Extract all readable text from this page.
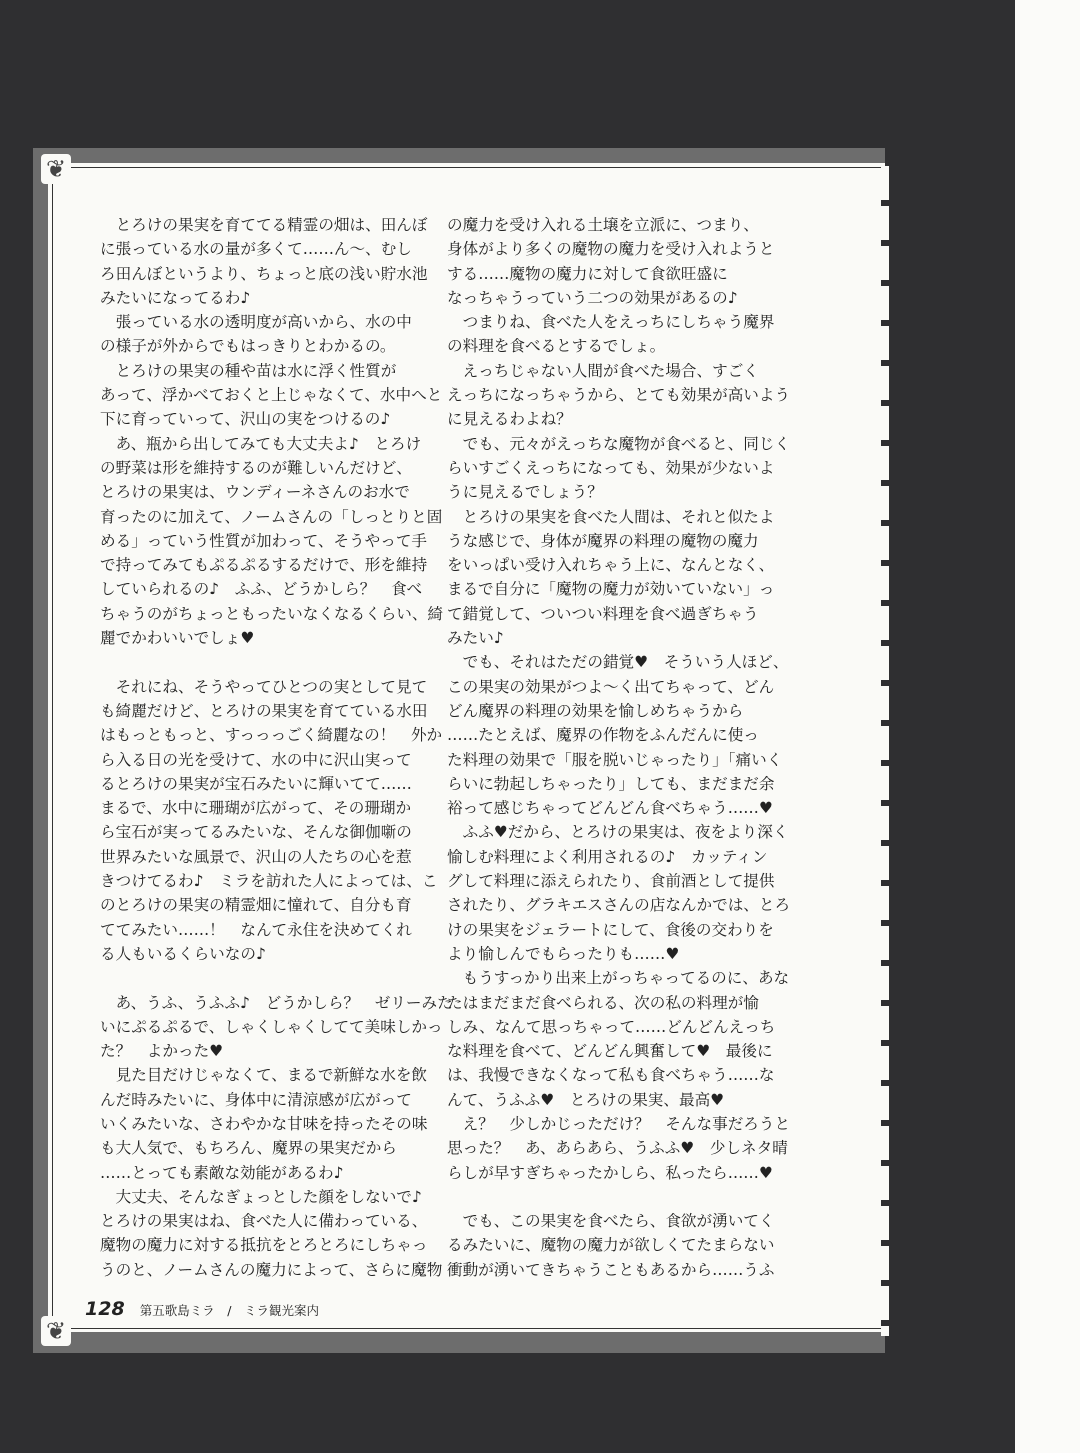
❦
❦
　とろけの果実を育ててる精霊の畑は、田んぼ
に張っている水の量が多くて……ん〜、むし
ろ田んぼというより、ちょっと底の浅い貯水池
みたいになってるわ♪
　張っている水の透明度が高いから、水の中
の様子が外からでもはっきりとわかるの。
　とろけの果実の種や苗は水に浮く性質が
あって、浮かべておくと上じゃなくて、水中へと
下に育っていって、沢山の実をつけるの♪
　あ、瓶から出してみても大丈夫よ♪　とろけ
の野菜は形を維持するのが難しいんだけど、
とろけの果実は、ウンディーネさんのお水で
育ったのに加えて、ノームさんの「しっとりと固
める」っていう性質が加わって、そうやって手
で持ってみてもぷるぷるするだけで、形を維持
していられるの♪　ふふ、どうかしら？　食べ
ちゃうのがちょっともったいなくなるくらい、綺
麗でかわいいでしょ♥
　それにね、そうやってひとつの実として見て
も綺麗だけど、とろけの果実を育てている水田
はもっともっと、すっっっごく綺麗なの！　外か
ら入る日の光を受けて、水の中に沢山実って
るとろけの果実が宝石みたいに輝いてて……
まるで、水中に珊瑚が広がって、その珊瑚か
ら宝石が実ってるみたいな、そんな御伽噺の
世界みたいな風景で、沢山の人たちの心を惹
きつけてるわ♪　ミラを訪れた人によっては、こ
のとろけの果実の精霊畑に憧れて、自分も育
ててみたい……！　なんて永住を決めてくれ
る人もいるくらいなの♪
　あ、うふ、うふふ♪　どうかしら？　ゼリーみた
いにぷるぷるで、しゃくしゃくしてて美味しかっ
た？　よかった♥
　見た目だけじゃなくて、まるで新鮮な水を飲
んだ時みたいに、身体中に清涼感が広がって
いくみたいな、さわやかな甘味を持ったその味
も大人気で、もちろん、魔界の果実だから
……とっても素敵な効能があるわ♪
　大丈夫、そんなぎょっとした顔をしないで♪
とろけの果実はね、食べた人に備わっている、
魔物の魔力に対する抵抗をとろとろにしちゃっ
うのと、ノームさんの魔力によって、さらに魔物
の魔力を受け入れる土壌を立派に、つまり、
身体がより多くの魔物の魔力を受け入れようと
する……魔物の魔力に対して食欲旺盛に
なっちゃうっていう二つの効果があるの♪
　つまりね、食べた人をえっちにしちゃう魔界
の料理を食べるとするでしょ。
　えっちじゃない人間が食べた場合、すごく
えっちになっちゃうから、とても効果が高いよう
に見えるわよね？
　でも、元々がえっちな魔物が食べると、同じく
らいすごくえっちになっても、効果が少ないよ
うに見えるでしょう？
　とろけの果実を食べた人間は、それと似たよ
うな感じで、身体が魔界の料理の魔物の魔力
をいっぱい受け入れちゃう上に、なんとなく、
まるで自分に「魔物の魔力が効いていない」っ
て錯覚して、ついつい料理を食べ過ぎちゃう
みたい♪
　でも、それはただの錯覚♥　そういう人ほど、
この果実の効果がつよ〜く出てちゃって、どん
どん魔界の料理の効果を愉しめちゃうから
……たとえば、魔界の作物をふんだんに使っ
た料理の効果で「服を脱いじゃったり」「痛いく
らいに勃起しちゃったり」しても、まだまだ余
裕って感じちゃってどんどん食べちゃう……♥
　ふふ♥だから、とろけの果実は、夜をより深く
愉しむ料理によく利用されるの♪　カッティン
グして料理に添えられたり、食前酒として提供
されたり、グラキエスさんの店なんかでは、とろ
けの果実をジェラートにして、食後の交わりを
より愉しんでもらったりも……♥
　もうすっかり出来上がっちゃってるのに、あな
たはまだまだ食べられる、次の私の料理が愉
しみ、なんて思っちゃって……どんどんえっち
な料理を食べて、どんどん興奮して♥　最後に
は、我慢できなくなって私も食べちゃう……な
んて、うふふ♥　とろけの果実、最高♥
　え？　少しかじっただけ？　そんな事だろうと
思った？　あ、あらあら、うふふ♥　少しネタ晴
らしが早すぎちゃったかしら、私ったら……♥
　でも、この果実を食べたら、食欲が湧いてく
るみたいに、魔物の魔力が欲しくてたまらない
衝動が湧いてきちゃうこともあるから……うふ
128 第五歌島ミラ　/　ミラ観光案内
